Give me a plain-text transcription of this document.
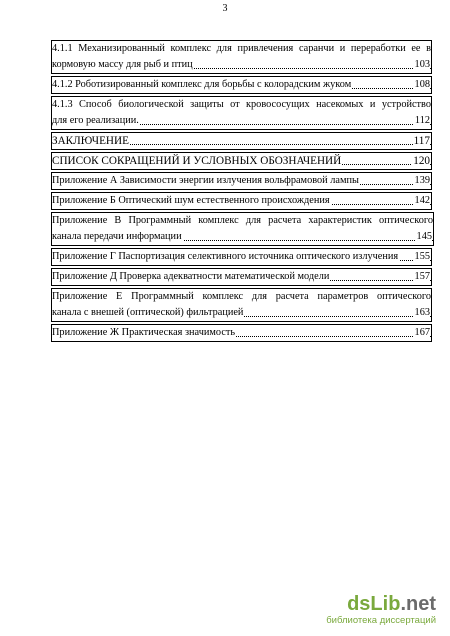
3
4.1.1 Механизированный комплекс для привлечения саранчи и переработки ее в
кормовую массу для рыб и птиц	103
4.1.2 Роботизированный комплекс для борьбы с колорадским жуком	108
4.1.3 Способ биологической защиты от кровососущих насекомых и устройство
для его реализации.	112
ЗАКЛЮЧЕНИЕ	117
СПИСОК СОКРАЩЕНИЙ И УСЛОВНЫХ ОБОЗНАЧЕНИЙ	120
Приложение А Зависимости энергии излучения вольфрамовой лампы	139
Приложение Б Оптический шум естественного происхождения	142
Приложение В Программный комплекс для расчета характеристик оптического
канала передачи информации	145
Приложение Г Паспортизация селективного источника оптического излучения 155
Приложение Д Проверка адекватности математической модели	157
Приложение Е Программный комплекс для расчета параметров оптического
канала с внешей (оптической) фильтрацией	163
Приложение Ж Практическая значимость	167
dsLib.net
библиотека диссертаций
